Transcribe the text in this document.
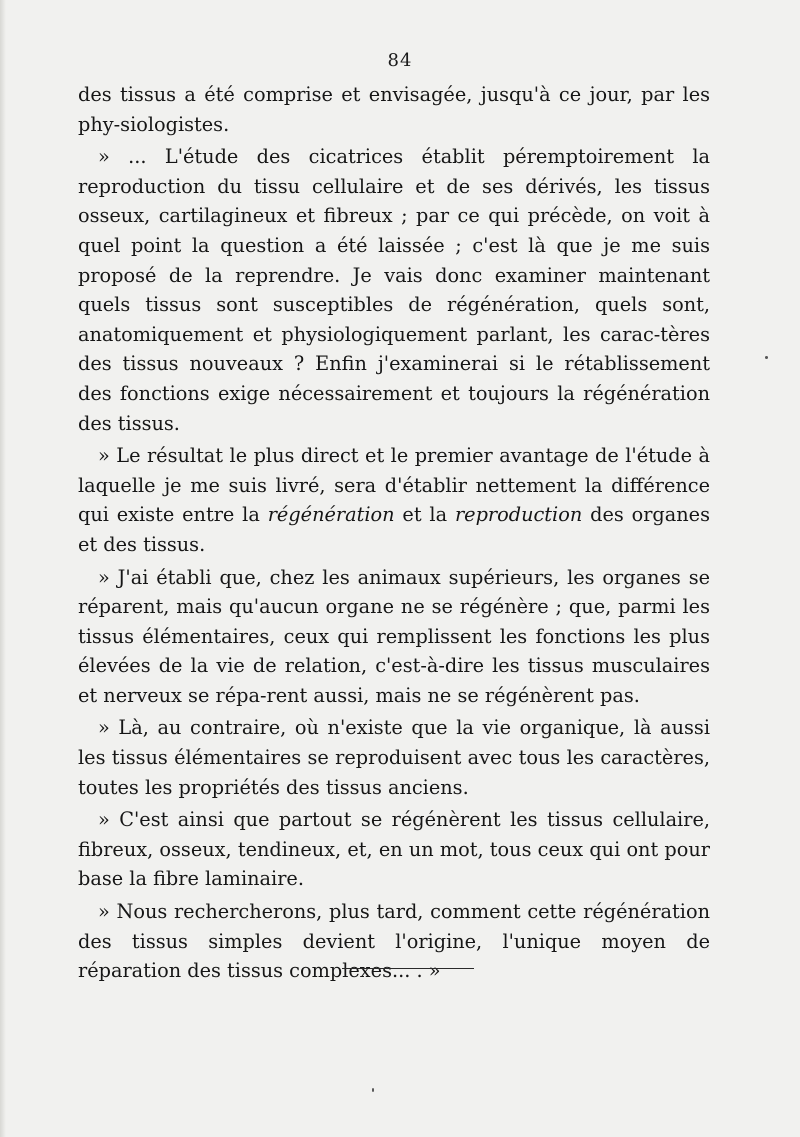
84

des tissus a été comprise et envisagée, jusqu'à ce jour, par les phy-siologistes.

» ... L'étude des cicatrices établit péremptoirement la reproduction du tissu cellulaire et de ses dérivés, les tissus osseux, cartilagineux et fibreux ; par ce qui précède, on voit à quel point la question a été laissée ; c'est là que je me suis proposé de la reprendre. Je vais donc examiner maintenant quels tissus sont susceptibles de régénération, quels sont, anatomiquement et physiologiquement parlant, les carac-tères des tissus nouveaux ? Enfin j'examinerai si le rétablissement des fonctions exige nécessairement et toujours la régénération des tissus.

» Le résultat le plus direct et le premier avantage de l'étude à laquelle je me suis livré, sera d'établir nettement la différence qui existe entre la régénération et la reproduction des organes et des tissus.

» J'ai établi que, chez les animaux supérieurs, les organes se réparent, mais qu'aucun organe ne se régénère ; que, parmi les tissus élémentaires, ceux qui remplissent les fonctions les plus élevées de la vie de relation, c'est-à-dire les tissus musculaires et nerveux se répa-rent aussi, mais ne se régénèrent pas.

» Là, au contraire, où n'existe que la vie organique, là aussi les tissus élémentaires se reproduisent avec tous les caractères, toutes les propriétés des tissus anciens.

» C'est ainsi que partout se régénèrent les tissus cellulaire, fibreux, osseux, tendineux, et, en un mot, tous ceux qui ont pour base la fibre laminaire.

» Nous rechercherons, plus tard, comment cette régénération des tissus simples devient l'origine, l'unique moyen de réparation des tissus complexes... . »
